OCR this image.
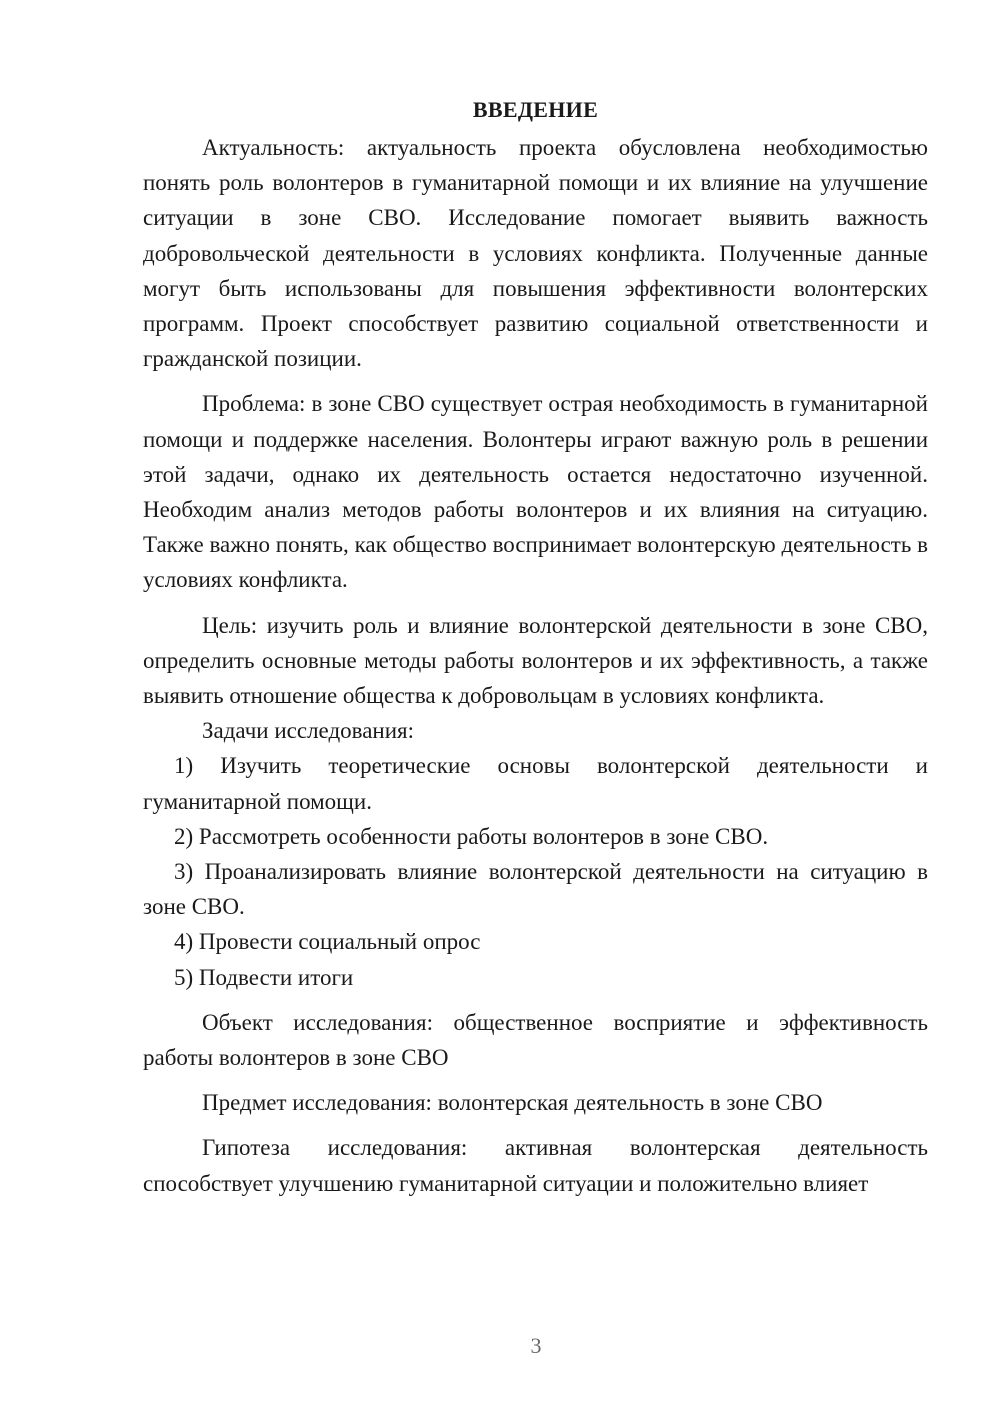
ВВЕДЕНИЕ

Актуальность: актуальность проекта обусловлена необходимостью понять роль волонтеров в гуманитарной помощи и их влияние на улучшение ситуации в зоне СВО. Исследование помогает выявить важность добровольческой деятельности в условиях конфликта. Полученные данные могут быть использованы для повышения эффективности волонтерских программ. Проект способствует развитию социальной ответственности и гражданской позиции.

Проблема: в зоне СВО существует острая необходимость в гуманитарной помощи и поддержке населения. Волонтеры играют важную роль в решении этой задачи, однако их деятельность остается недостаточно изученной. Необходим анализ методов работы волонтеров и их влияния на ситуацию. Также важно понять, как общество воспринимает волонтерскую деятельность в условиях конфликта.

Цель: изучить роль и влияние волонтерской деятельности в зоне СВО, определить основные методы работы волонтеров и их эффективность, а также выявить отношение общества к добровольцам в условиях конфликта.

Задачи исследования:

1) Изучить теоретические основы волонтерской деятельности и гуманитарной помощи.

2) Рассмотреть особенности работы волонтеров в зоне СВО.

3) Проанализировать влияние волонтерской деятельности на ситуацию в зоне СВО.

4) Провести социальный опрос

5) Подвести итоги

Объект исследования: общественное восприятие и эффективность работы волонтеров в зоне СВО

Предмет исследования: волонтерская деятельность в зоне СВО

Гипотеза исследования: активная волонтерская деятельность способствует улучшению гуманитарной ситуации и положительно влияет

3
